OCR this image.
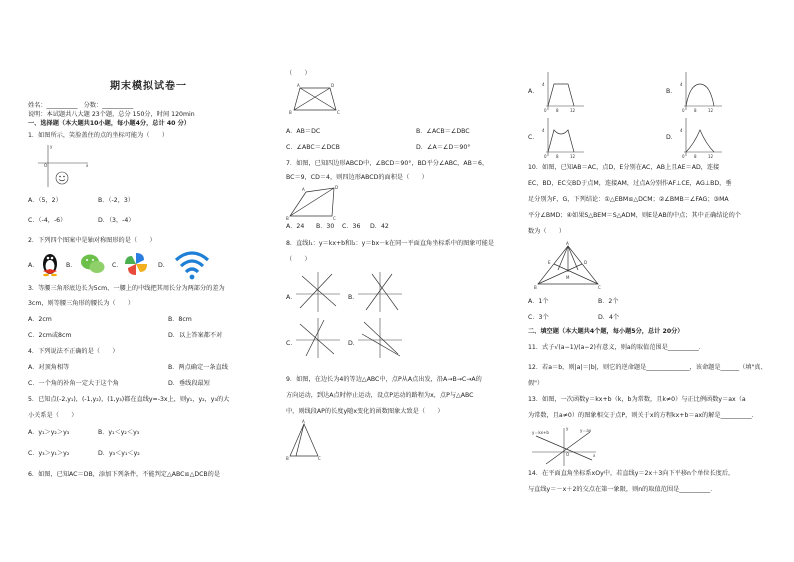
期末模拟试卷一
姓名：__________　分数：__________
说明：本试题共八大题 23个题，总分 150分，时间 120min
一、选择题（本大题共10小题，每小题4分，总计 40 分）
1．如图所示，笑脸盖住的点的坐标可能为（　　）
O	x
y
A．（5，2）	B．（-2，3）
C．（-4，-6）	D．（3，-4）
2．下列四个图案中是轴对称图形的是（　　）
A．	B．	C．	D．
3．等腰三角形底边长为5cm，一腰上的中线把其周长分为两部分的差为
3cm，则等腰三角形的腰长为（　　）
A．2cm	B．8cm
C．2cm或8cm	D．以上答案都不对
4．下列说法不正确的是（　　）
A．对顶角相等	B．两点确定一条直线
C．一个角的补角一定大于这个角	D．垂线段最短
5．已知点(-2,y₁)，(-1,y₂)，(1,y₃)都在直线y=-3x上，则y₁，y₂，y₃的大
小关系是（　　）
A．y₁＞y₂＞y₃	B．y₁＜y₂＜y₃
C．y₃＞y₁＞y₂	D．y₃＜y₁＜y₂
6．如图，已知AC＝DB，添加下列条件，不能判定△ABC≌△DCB的是
（　　）
A	D
B	C
A．AB＝DC	B．∠ACB＝∠DBC
C．∠ABC＝∠DCB	D．∠A＝∠D＝90°
7．如图，已知四边形ABCD中，∠BCD＝90°，BD平分∠ABC，AB＝6，
BC＝9，CD＝4，则四边形ABCD的面积是（　　）
A	D
B	C
A．24 B．30 C．36 D．42
8．直线l₁：y＝kx+b和l₂：y＝bx－k在同一平面直角坐标系中的图象可能是
（　　）
A．	B．
C．	D．
9．如图，在边长为4的等边△ABC中，点P从A点出发，沿A→B→C→A的
方向运动，到达A点时停止运动，设点P运动的路程为x，点P与△ABC
中，则线段AP的长度y随x变化的函数图象大致是（　　）
A
B	C
A．
4
0 8	12
B．
4
0 8	12
C．
4
0 8	12
D．
4
0 8	12
10．如图，已知AB＝AC，点D，E分别在AC，AB上且AE＝AD，连接
EC，BD，EC交BD于点M，连接AM，过点A分别作AF⊥CE，AG⊥BD，垂
足分别为F，G，下列结论：①△EBM≌△DCM；②∠BMB＝∠FAG；③MA
平分∠BMD；④如果S△BEM＝S△ADM，则E是AB的中点；其中正确结论的个
数为（　　）
A
B	C
E	D
M
A．1个	B．2个
C．3个	D．4个
二、填空题（本大题共4个题，每小题5分，总计 20分）
11．式子√(a−1)/(a−2)有意义，则a的取值范围是__________．
12．若a＝b，则|a|＝|b|，则它的逆命题是______________，该命题是______（填"真、
假"）
13．如图，一次函数y＝kx+b（k，b为常数，且k≠0）与正比例函数y＝ax（a
为常数，且a≠0）的图象相交于点P，则关于x的方程kx+b＝ax的解是__________．
y＝kx+b	y＝ax
O	x
y
14．在平面直角坐标系xOy中，若直线y＝2x＋3向下平移n个单位长度后，
与直线y＝－x＋2的交点在第一象限，则n的取值范围是__________．
